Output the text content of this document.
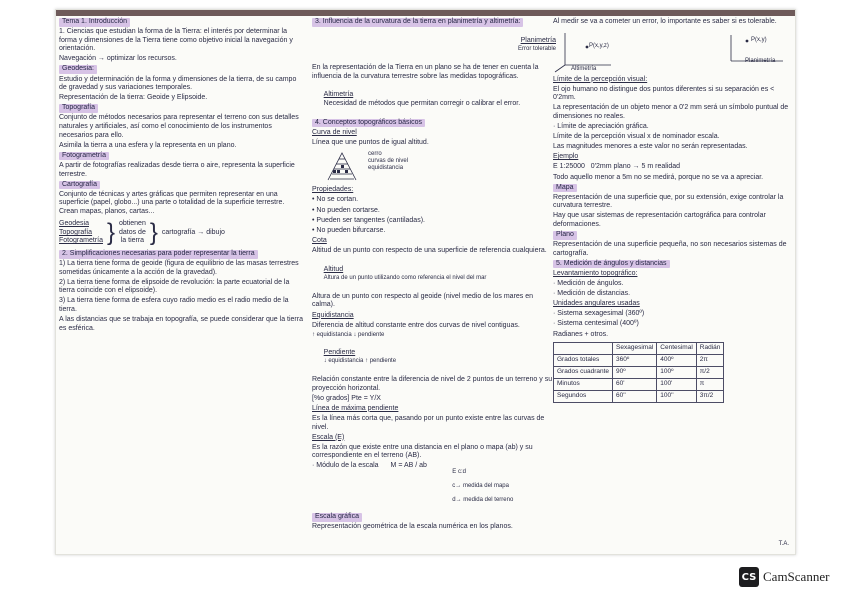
Tema 1. Introducción
1. Ciencias que estudian la forma de la Tierra: el interés por determinar la forma y dimensiones de la Tierra tiene como objetivo inicial la navegación y orientación.
Navegación → optimizar los recursos.
Geodesia:
Estudio y determinación de la forma y dimensiones de la tierra, de su campo de gravedad y sus variaciones temporales.
Representación de la tierra: Geoide y Elipsoide.
Topografía
Conjunto de métodos necesarios para representar el terreno con sus detalles naturales y artificiales, así como el conocimiento de los instrumentos necesarios para ello.
Asimila la tierra a una esfera y la representa en un plano.
Fotogrametría
A partir de fotografías realizadas desde tierra o aire, representa la superficie terrestre.
Cartografía
Conjunto de técnicas y artes gráficas que permiten representar en una superficie (papel, globo...) una parte o totalidad de la superficie terrestre. Crean mapas, planos, cartas...
Geodesia
Topografía
Fotogrametría } obtienen
datos de
la tierra } cartografía → dibujo
2. Simplificaciones necesarias para poder representar la tierra
1) La tierra tiene forma de geoide (figura de equilibrio de las masas terrestres sometidas únicamente a la acción de la gravedad).
2) La tierra tiene forma de elipsoide de revolución: la parte ecuatorial de la tierra coincide con el elipsoide).
3) La tierra tiene forma de esfera cuyo radio medio es el radio medio de la tierra.
A las distancias que se trabaja en topografía, se puede considerar que la tierra es esférica.
3. Influencia de la curvatura de la tierra en planimetría y altimetría:

Planimetría
Error tolerable

En la representación de la Tierra en un plano se ha de tener en cuenta la influencia de la curvatura terrestre sobre las medidas topográficas.

Altimetría
Necesidad de métodos que permitan corregir o calibrar el error.

4. Conceptos topográficos básicos
Curva de nivel
Línea que une puntos de igual altitud.
cerro
curvas de nivel
equidistancia
Propiedades:
• No se cortan.
• No pueden cortarse.
• Pueden ser tangentes (cantiladas).
• No pueden bifurcarse.
Cota
Altitud de un punto con respecto de una superficie de referencia cualquiera.

Altitud
Altura de un punto utilizando como referencia el nivel del mar

Altura de un punto con respecto al geoide (nivel medio de los mares en calma).
Equidistancia
Diferencia de altitud constante entre dos curvas de nivel contiguas.
↑ equidistancia ↓ pendiente

Pendiente
↓ equidistancia ↑ pendiente

Relación constante entre la diferencia de nivel de 2 puntos de un terreno y su proyección horizontal.
[%o grados] Pte = Y/X
Línea de máxima pendiente
Es la línea más corta que, pasando por un punto existe entre las curvas de nivel.
Escala (E)
Es la razón que existe entre una distancia en el plano o mapa (ab) y su correspondiente en el terreno (AB).
· Módulo de la escala M = AB / ab

E c:d

c→ medida del mapa

d→ medida del terreno

Escala gráfica
Representación geométrica de la escala numérica en los planos.
Al medir se va a cometer un error, lo importante es saber si es tolerable.
P(x,y,z)
Altimetría
P(x,y)
Planimetría
Límite de la percepción visual:
El ojo humano no distingue dos puntos diferentes si su separación es < 0'2mm.
La representación de un objeto menor a 0'2 mm será un símbolo puntual de dimensiones no reales.
· Límite de apreciación gráfica.
Límite de la percepción visual x de nominador escala.
Las magnitudes menores a este valor no serán representadas.
Ejemplo
E 1:25000   0'2mm plano → 5 m realidad
Todo aquello menor a 5m no se medirá, porque no se va a apreciar.
Mapa
Representación de una superficie que, por su extensión, exige controlar la curvatura terrestre.
Hay que usar sistemas de representación cartográfica para controlar deformaciones.
Plano
Representación de una superficie pequeña, no son necesarios sistemas de cartografía.
5. Medición de ángulos y distancias
Levantamiento topográfico:
· Medición de ángulos.
· Medición de distancias.
Unidades angulares usadas
· Sistema sexagesimal (360º)
· Sistema centesimal (400º)
Radianes + otros.
	Sexagesimal	Centesimal	Radián
Grados totales	360º	400º	2π
Grados cuadrante	90º	100º	π/2
Minutos	60'	100'	π
Segundos	60''	100''	3π/2
T.A.
CS CamScanner
